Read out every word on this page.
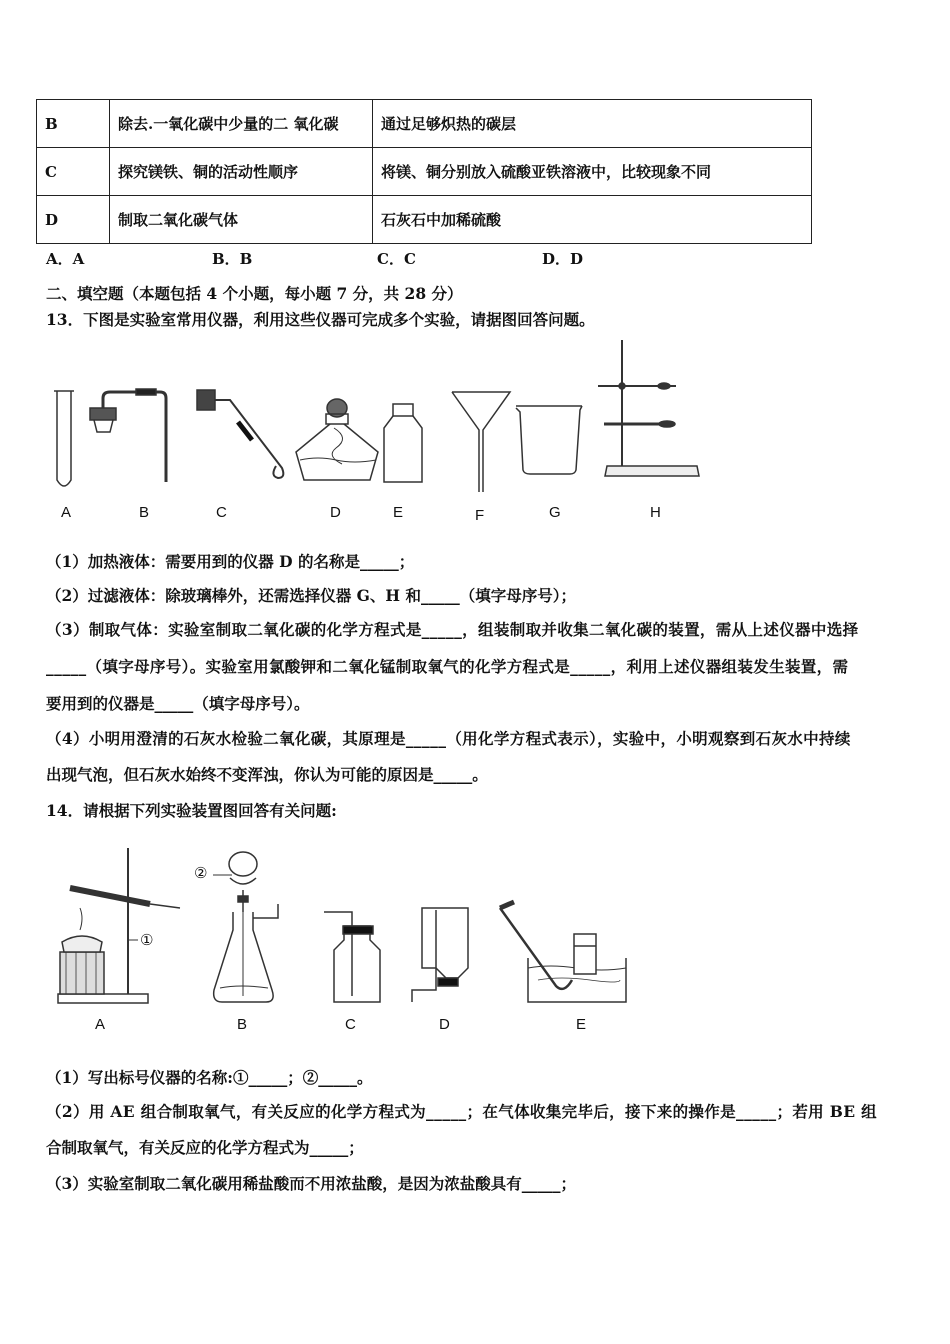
B	除去.一氧化碳中少量的二 氧化碳	通过足够炽热的碳层
C	探究镁铁、铜的活动性顺序	将镁、铜分别放入硫酸亚铁溶液中，比较现象不同
D	制取二氧化碳气体	石灰石中加稀硫酸
A．A	B．B	C．C	D．D
二、填空题（本题包括 4 个小题，每小题 7 分，共 28 分）
13．下图是实验室常用仪器，利用这些仪器可完成多个实验，请据图回答问题。
A	B	C	D	E	F	G	H
（1）加热液体：需要用到的仪器 D 的名称是_____；
（2）过滤液体：除玻璃棒外，还需选择仪器 G、H 和_____（填字母序号）；
（3）制取气体：实验室制取二氧化碳的化学方程式是_____，组装制取并收集二氧化碳的装置，需从上述仪器中选择
_____（填字母序号）。实验室用氯酸钾和二氧化锰制取氧气的化学方程式是_____，利用上述仪器组装发生装置，需
要用到的仪器是_____（填字母序号）。
（4）小明用澄清的石灰水检验二氧化碳，其原理是_____（用化学方程式表示），实验中，小明观察到石灰水中持续
出现气泡，但石灰水始终不变浑浊，你认为可能的原因是_____。
14．请根据下列实验装置图回答有关问题:
②
①
A	B	C	D	E
（1）写出标号仪器的名称:①_____；②_____。
（2）用 AE 组合制取氧气，有关反应的化学方程式为_____；在气体收集完毕后，接下来的操作是_____；若用 BE 组
合制取氧气，有关反应的化学方程式为_____；
（3）实验室制取二氧化碳用稀盐酸而不用浓盐酸，是因为浓盐酸具有_____；
